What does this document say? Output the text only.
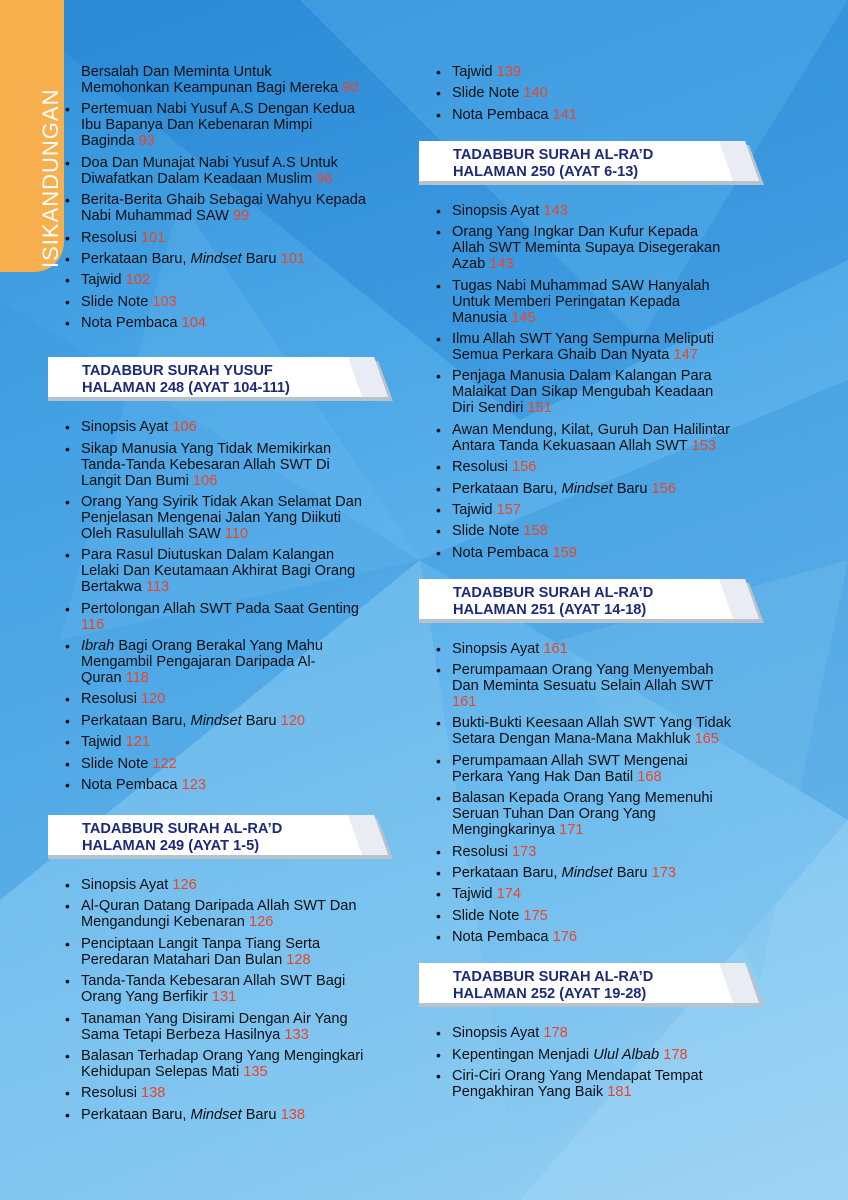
ISIKANDUNGAN
Bersalah Dan Meminta Untuk
Memohonkan Keampunan Bagi Mereka 90
• Pertemuan Nabi Yusuf A.S Dengan Kedua
Ibu Bapanya Dan Kebenaran Mimpi
Baginda 93
• Doa Dan Munajat Nabi Yusuf A.S Untuk
Diwafatkan Dalam Keadaan Muslim 96
• Berita-Berita Ghaib Sebagai Wahyu Kepada
Nabi Muhammad SAW 99
• Resolusi 101
• Perkataan Baru, Mindset Baru 101
• Tajwid 102
• Slide Note 103
• Nota Pembaca 104
TADABBUR SURAH YUSUF
HALAMAN 248 (AYAT 104-111)
• Sinopsis Ayat 106
• Sikap Manusia Yang Tidak Memikirkan
Tanda-Tanda Kebesaran Allah SWT Di
Langit Dan Bumi 106
• Orang Yang Syirik Tidak Akan Selamat Dan
Penjelasan Mengenai Jalan Yang Diikuti
Oleh Rasulullah SAW 110
• Para Rasul Diutuskan Dalam Kalangan
Lelaki Dan Keutamaan Akhirat Bagi Orang
Bertakwa 113
• Pertolongan Allah SWT Pada Saat Genting
116
• Ibrah Bagi Orang Berakal Yang Mahu
Mengambil Pengajaran Daripada Al-
Quran 118
• Resolusi 120
• Perkataan Baru, Mindset Baru 120
• Tajwid 121
• Slide Note 122
• Nota Pembaca 123
TADABBUR SURAH AL-RA’D
HALAMAN 249 (AYAT 1-5)
• Sinopsis Ayat 126
• Al-Quran Datang Daripada Allah SWT Dan
Mengandungi Kebenaran 126
• Penciptaan Langit Tanpa Tiang Serta
Peredaran Matahari Dan Bulan 128
• Tanda-Tanda Kebesaran Allah SWT Bagi
Orang Yang Berfikir 131
• Tanaman Yang Disirami Dengan Air Yang
Sama Tetapi Berbeza Hasilnya 133
• Balasan Terhadap Orang Yang Mengingkari
Kehidupan Selepas Mati 135
• Resolusi 138
• Perkataan Baru, Mindset Baru 138
• Tajwid 139
• Slide Note 140
• Nota Pembaca 141
TADABBUR SURAH AL-RA’D
HALAMAN 250 (AYAT 6-13)
• Sinopsis Ayat 143
• Orang Yang Ingkar Dan Kufur Kepada
Allah SWT Meminta Supaya Disegerakan
Azab 143
• Tugas Nabi Muhammad SAW Hanyalah
Untuk Memberi Peringatan Kepada
Manusia 145
• Ilmu Allah SWT Yang Sempurna Meliputi
Semua Perkara Ghaib Dan Nyata 147
• Penjaga Manusia Dalam Kalangan Para
Malaikat Dan Sikap Mengubah Keadaan
Diri Sendiri 151
• Awan Mendung, Kilat, Guruh Dan Halilintar
Antara Tanda Kekuasaan Allah SWT 153
• Resolusi 156
• Perkataan Baru, Mindset Baru 156
• Tajwid 157
• Slide Note 158
• Nota Pembaca 159
TADABBUR SURAH AL-RA’D
HALAMAN 251 (AYAT 14-18)
• Sinopsis Ayat 161
• Perumpamaan Orang Yang Menyembah
Dan Meminta Sesuatu Selain Allah SWT
161
• Bukti-Bukti Keesaan Allah SWT Yang Tidak
Setara Dengan Mana-Mana Makhluk 165
• Perumpamaan Allah SWT Mengenai
Perkara Yang Hak Dan Batil 168
• Balasan Kepada Orang Yang Memenuhi
Seruan Tuhan Dan Orang Yang
Mengingkarinya 171
• Resolusi 173
• Perkataan Baru, Mindset Baru 173
• Tajwid 174
• Slide Note 175
• Nota Pembaca 176
TADABBUR SURAH AL-RA’D
HALAMAN 252 (AYAT 19-28)
• Sinopsis Ayat 178
• Kepentingan Menjadi Ulul Albab 178
• Ciri-Ciri Orang Yang Mendapat Tempat
Pengakhiran Yang Baik 181
